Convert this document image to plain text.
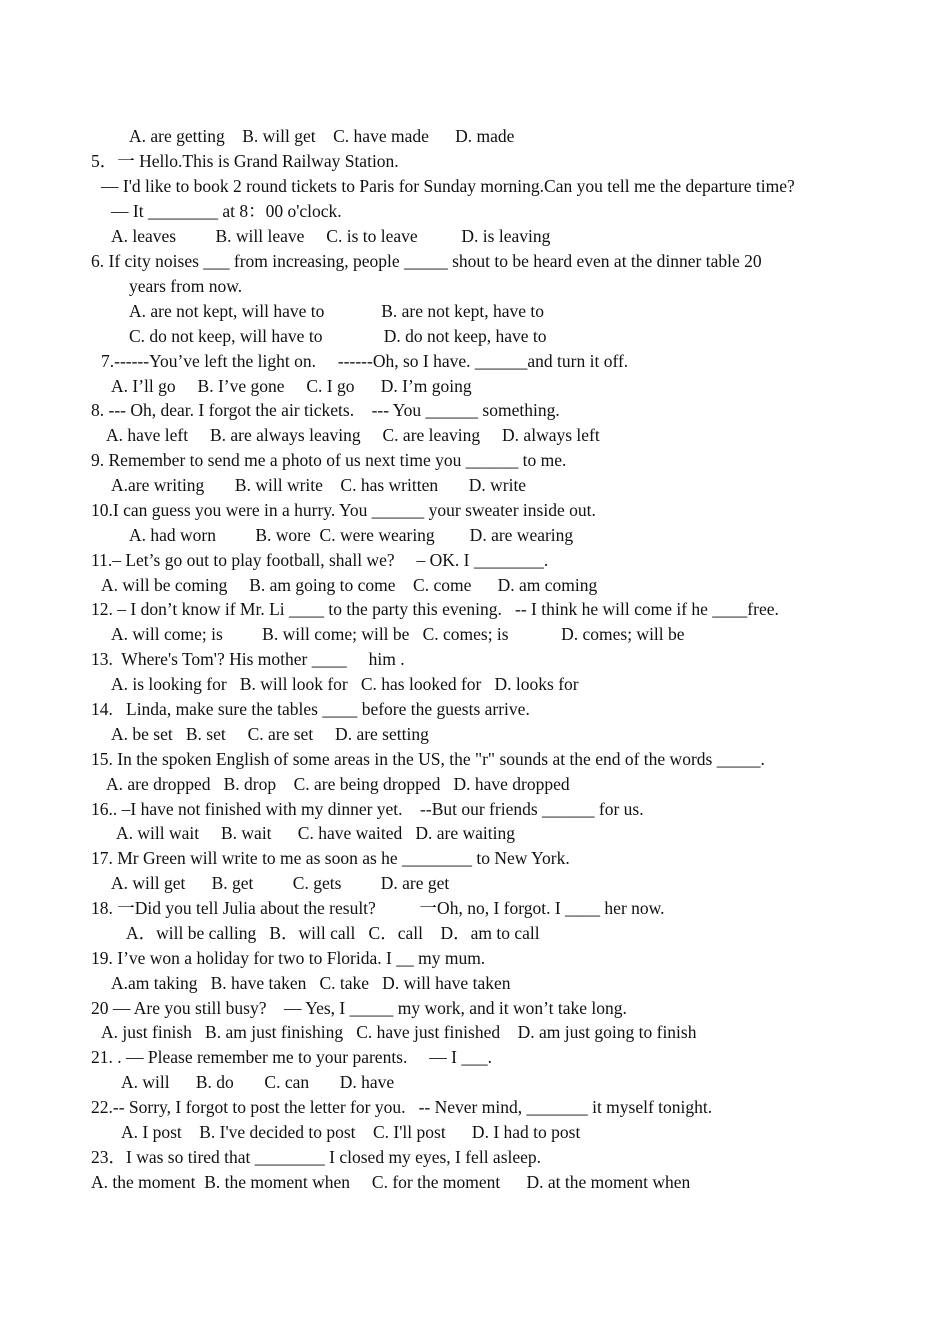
A. are getting    B. will get    C. have made      D. made
5．一 Hello.This is Grand Railway Station.
— I'd like to book 2 round tickets to Paris for Sunday morning.Can you tell me the departure time?
— It ________ at 8：00 o'clock.
A. leaves         B. will leave     C. is to leave          D. is leaving
6. If city noises ___ from increasing, people _____ shout to be heard even at the dinner table 20
years from now.
A. are not kept, will have to             B. are not kept, have to
C. do not keep, will have to              D. do not keep, have to
7.------You’ve left the light on.     ------Oh, so I have. ______and turn it off.
A. I’ll go     B. I’ve gone     C. I go      D. I’m going
8. --- Oh, dear. I forgot the air tickets.    --- You ______ something.
A. have left     B. are always leaving     C. are leaving     D. always left
9. Remember to send me a photo of us next time you ______ to me.
A.are writing       B. will write    C. has written       D. write
10.I can guess you were in a hurry. You ______ your sweater inside out.
A. had worn         B. wore  C. were wearing        D. are wearing
11.– Let’s go out to play football, shall we?     – OK. I ________.
A. will be coming     B. am going to come    C. come      D. am coming
12. – I don’t know if Mr. Li ____ to the party this evening.   -- I think he will come if he ____free.
A. will come; is         B. will come; will be   C. comes; is            D. comes; will be
13.  Where's Tom'? His mother ____     him .
A. is looking for   B. will look for   C. has looked for   D. looks for
14.   Linda, make sure the tables ____ before the guests arrive.
A. be set   B. set     C. are set     D. are setting
15. In the spoken English of some areas in the US, the "r" sounds at the end of the words _____.
A. are dropped   B. drop    C. are being dropped   D. have dropped
16.. –I have not finished with my dinner yet.    --But our friends ______ for us.
A. will wait     B. wait      C. have waited   D. are waiting
17. Mr Green will write to me as soon as he ________ to New York.
A. will get      B. get         C. gets         D. are get
18. 一Did you tell Julia about the result?          一Oh, no, I forgot. I ____ her now.
A．will be calling   B．will call   C．call    D．am to call
19. I’ve won a holiday for two to Florida. I __ my mum.
A.am taking   B. have taken   C. take   D. will have taken
20 — Are you still busy?    — Yes, I _____ my work, and it won’t take long.
A. just finish   B. am just finishing   C. have just finished    D. am just going to finish
21. . — Please remember me to your parents.     — I ___.
A. will      B. do       C. can       D. have
22.-- Sorry, I forgot to post the letter for you.   -- Never mind, _______ it myself tonight.
A. I post    B. I've decided to post    C. I'll post      D. I had to post
23．I was so tired that ________ I closed my eyes, I fell asleep.
A. the moment  B. the moment when     C. for the moment      D. at the moment when
